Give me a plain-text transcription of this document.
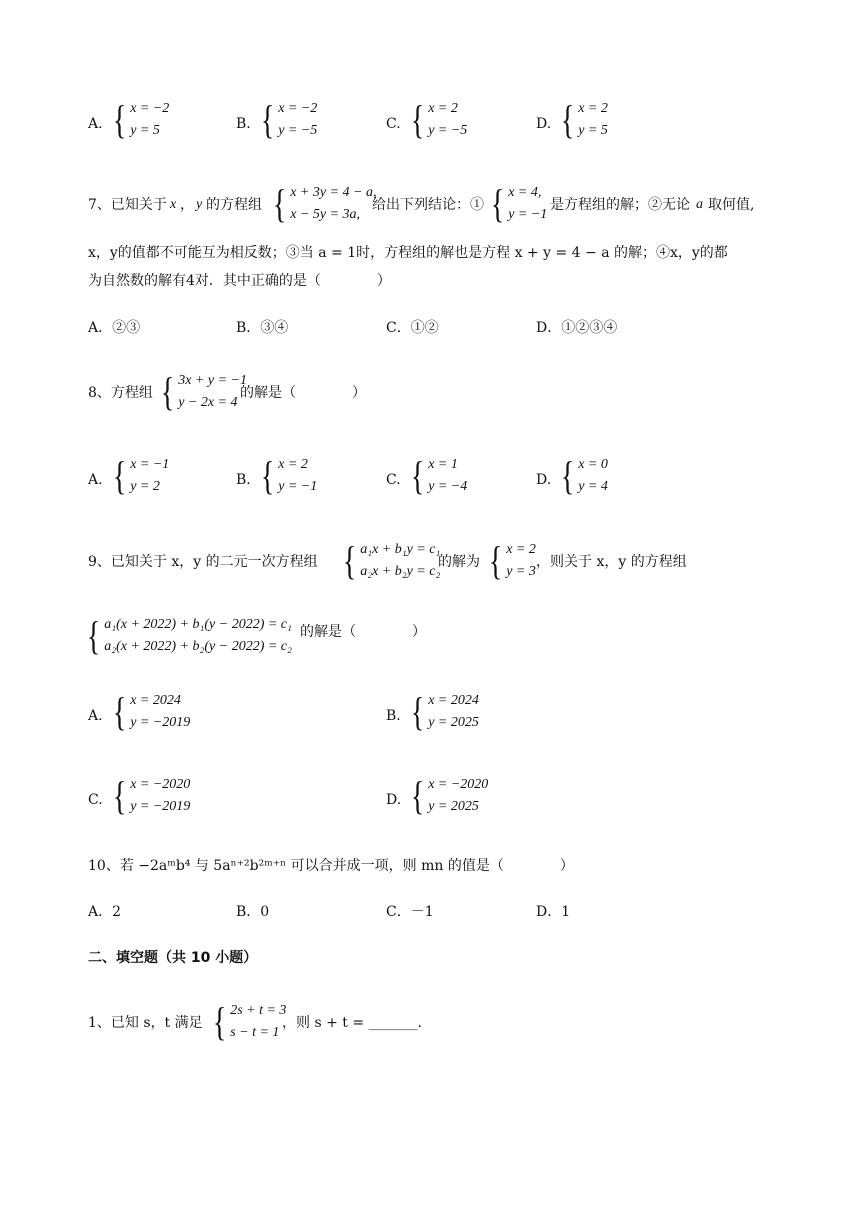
A. { x = −2
y = 5	B. { x = −2
y = −5	C. { x = 2
y = −5	D. { x = 2
y = 5
7、已知关于 x ， y 的方程组 { x + 3y = 4 − a,
x − 5y = 3a,
给出下列结论：① { x = 4,
y = −1
是方程组的解；②无论 a 取何值,
x，y的值都不可能互为相反数；③当 a = 1时，方程组的解也是方程 x + y = 4 − a 的解；④x，y的都
为自然数的解有4对．其中正确的是（　　　　）
A．②③	B．③④	C．①②	D．①②③④
8、方程组 { 3x + y = −1
y − 2x = 4
的解是（　　　　）
A. { x = −1
y = 2	B. { x = 2
y = −1	C. { x = 1
y = −4	D. { x = 0
y = 4
9、已知关于 x，y 的二元一次方程组 { a₁x + b₁y = c₁
a₂x + b₂y = c₂
的解为 { x = 2
y = 3
，则关于 x，y 的方程组
{ a₁(x + 2022) + b₁(y − 2022) = c₁
a₂(x + 2022) + b₂(y − 2022) = c₂
的解是（　　　　）
A. { x = 2024
y = −2019	B. { x = 2024
y = 2025
C. { x = −2020
y = −2019	D. { x = −2020
y = 2025
10、若 −2aᵐb⁴ 与 5aⁿ⁺²b²ᵐ⁺ⁿ 可以合并成一项，则 mn 的值是（　　　　）
A．2	B．0	C．－1	D．1
二、填空题（共 10 小题）
1、已知 s，t 满足 { 2s + t = 3
s − t = 1
，则 s + t = _______.
